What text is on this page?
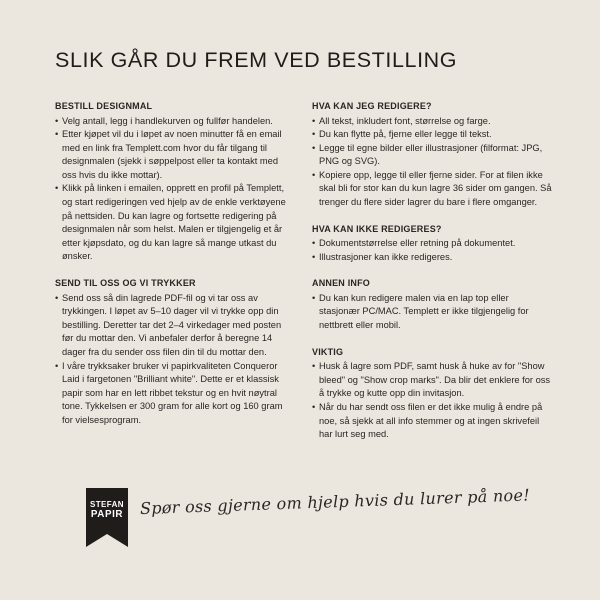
SLIK GÅR DU FREM VED BESTILLING
BESTILL DESIGNMAL
• Velg antall, legg i handlekurven og fullfør handelen.
• Etter kjøpet vil du i løpet av noen minutter få en email med en link fra Templett.com hvor du får tilgang til designmalen (sjekk i søppelpost eller ta kontakt med oss hvis du ikke mottar).
• Klikk på linken i emailen, opprett en profil på Templett, og start redigeringen ved hjelp av de enkle verktøyene på nettsiden. Du kan lagre og fortsette redigering på designmalen når som helst. Malen er tilgjengelig et år etter kjøpsdato, og du kan lagre så mange utkast du ønsker.
SEND TIL OSS OG VI TRYKKER
• Send oss så din lagrede PDF-fil og vi tar oss av trykkingen. I løpet av 5–10 dager vil vi trykke opp din bestilling. Deretter tar det 2–4 virkedager med posten før du mottar den. Vi anbefaler derfor å beregne 14 dager fra du sender oss filen din til du mottar den.
• I våre trykksaker bruker vi papirkvaliteten Conqueror Laid i fargetonen "Brilliant white". Dette er et klassisk papir som har en lett ribbet tekstur og en hvit nøytral tone. Tykkelsen er 300 gram for alle kort og 160 gram for vielsesprogram.
HVA KAN JEG REDIGERE?
• All tekst, inkludert font, størrelse og farge.
• Du kan flytte på, fjerne eller legge til tekst.
• Legge til egne bilder eller illustrasjoner (filformat: JPG, PNG og SVG).
• Kopiere opp, legge til eller fjerne sider. For at filen ikke skal bli for stor kan du kun lagre 36 sider om gangen. Så trenger du flere sider lagrer du bare i flere omganger.
HVA KAN IKKE REDIGERES?
• Dokumentstørrelse eller retning på dokumentet.
• Illustrasjoner kan ikke redigeres.
ANNEN INFO
• Du kan kun redigere malen via en lap top eller stasjonær PC/MAC. Templett er ikke tilgjengelig for nettbrett eller mobil.
VIKTIG
• Husk å lagre som PDF, samt husk å huke av for "Show bleed" og "Show crop marks". Da blir det enklere for oss å trykke og kutte opp din invitasjon.
• Når du har sendt oss filen er det ikke mulig å endre på noe, så sjekk at all info stemmer og at ingen skrivefeil har lurt seg med.
STEFAN
PAPIR	Spør oss gjerne om hjelp hvis du lurer på noe!
